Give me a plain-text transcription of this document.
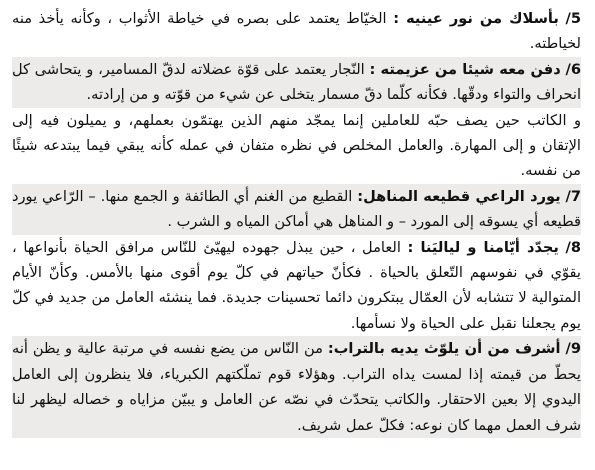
5/ بأسلاك من نور عينيه : الخيّاط يعتمد على بصره في خياطة الأثواب ، وكأنه يأخذ منه لخياطته.

6/ دفن معه شيئا من عزيمته : النّجار يعتمد على قوّة عضلاته لدقّ المسامير، و يتحاشى كل انحراف والتواء ودقّها. فكأنه كلّما دقّ مسمار يتخلى عن شيء من قوّته و من إرادته.

و الكاتب حين يصف حبّه للعاملين إنما يمجّد منهم الذين يهتمّون بعملهم، و يميلون فيه إلى الإتقان و إلى المهارة. والعامل المخلص في نظره متفان في عمله كأنه يبقي فيما يبتدعه شيئًا من نفسه.

7/ يورد الراعي قطيعه المناهل: القطيع من الغنم أي الطائفة و الجمع منها. – الرّاعي يورد قطيعه أي يسوقه إلى المورد – و المناهل هي أماكن المياه و الشرب .

8/ يجدّد أيّامنا و لياليَنا : العامل ، حين يبذل جهوده ليهيّئ للنّاس مرافق الحياة بأنواعها ، يقوّي في نفوسهم التّعلق بالحياة . فكأنّ حياتهم في كلّ يوم أقوى منها بالأمس. وكأنّ الأيام المتوالية لا تتشابه لأن العمّال يبتكرون دائما تحسينات جديدة. فما ينشئه العامل من جديد في كلّ يوم يجعلنا نقبل على الحياة ولا نسأمها.

9/ أشرف من أن يلوّث يديه بالتراب: من النّاس من يضع نفسه في مرتبة عالية و يظن أنه يحطّ من قيمته إذا لمست يداه التراب. وهؤلاء قوم تملّكتهم الكبرياء، فلا ينظرون إلى العامل اليدوي إلا بعين الاحتقار. والكاتب يتحدّث في نصّه عن العامل و يبيّن مزاياه و خصاله ليظهر لنا شرف العمل مهما كان نوعه: فكلّ عمل شريف.
